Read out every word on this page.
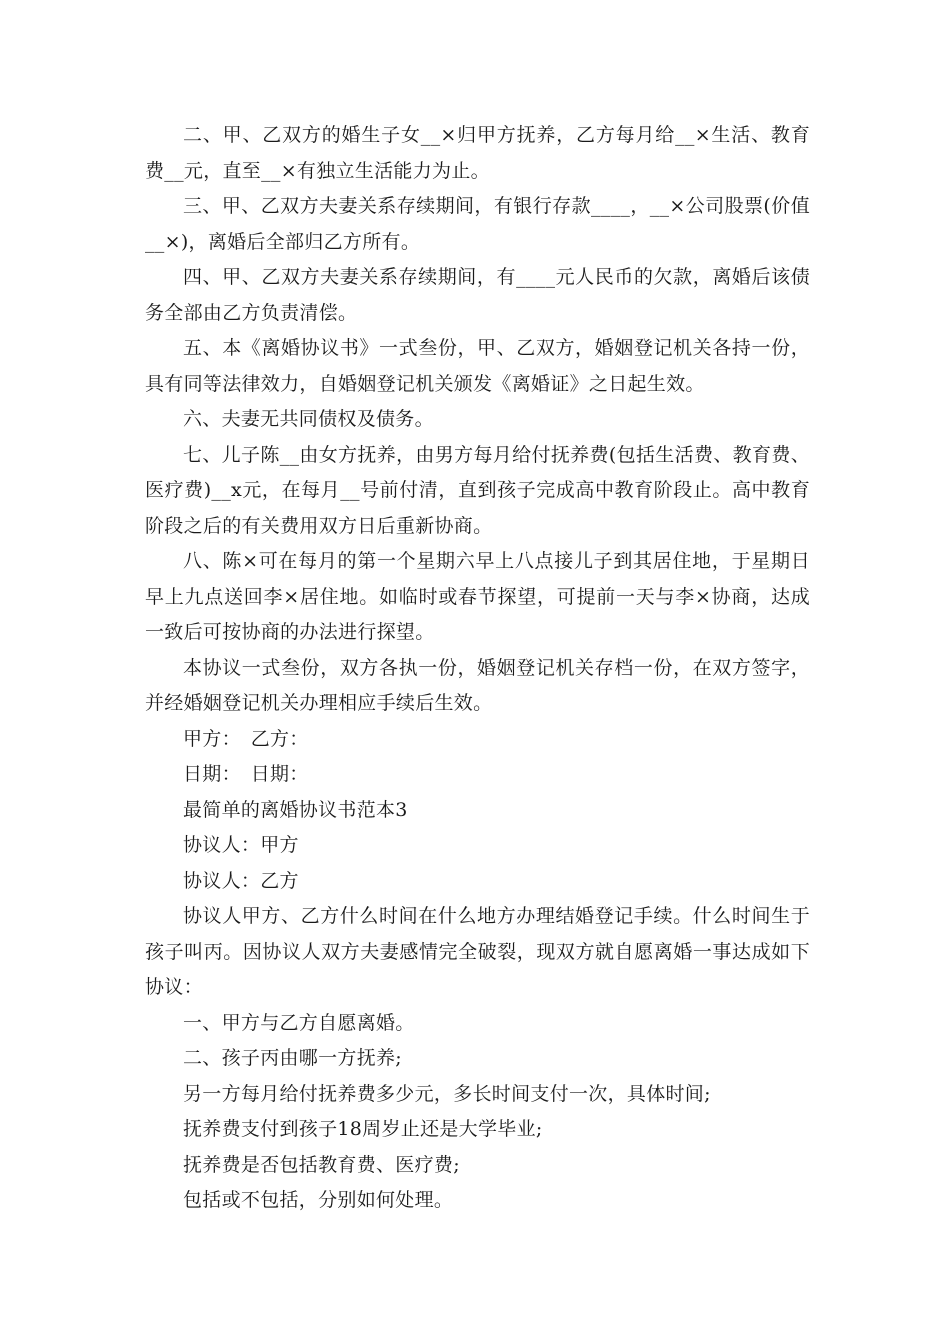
二、甲、乙双方的婚生子女__×归甲方抚养，乙方每月给__×生活、教育费__元，直至__×有独立生活能力为止。

三、甲、乙双方夫妻关系存续期间，有银行存款____，__×公司股票(价值__×)，离婚后全部归乙方所有。

四、甲、乙双方夫妻关系存续期间，有____元人民币的欠款，离婚后该债务全部由乙方负责清偿。

五、本《离婚协议书》一式叁份，甲、乙双方，婚姻登记机关各持一份，具有同等法律效力，自婚姻登记机关颁发《离婚证》之日起生效。

六、夫妻无共同债权及债务。

七、儿子陈__由女方抚养，由男方每月给付抚养费(包括生活费、教育费、医疗费)__x元，在每月__号前付清，直到孩子完成高中教育阶段止。高中教育阶段之后的有关费用双方日后重新协商。

八、陈×可在每月的第一个星期六早上八点接儿子到其居住地，于星期日早上九点送回李×居住地。如临时或春节探望，可提前一天与李×协商，达成一致后可按协商的办法进行探望。

本协议一式叁份，双方各执一份，婚姻登记机关存档一份，在双方签字，并经婚姻登记机关办理相应手续后生效。

甲方：　乙方：

日期：　日期：

最简单的离婚协议书范本3

协议人：甲方

协议人：乙方

协议人甲方、乙方什么时间在什么地方办理结婚登记手续。什么时间生于孩子叫丙。因协议人双方夫妻感情完全破裂，现双方就自愿离婚一事达成如下协议：

一、甲方与乙方自愿离婚。

二、孩子丙由哪一方抚养;

另一方每月给付抚养费多少元，多长时间支付一次，具体时间;

抚养费支付到孩子18周岁止还是大学毕业;

抚养费是否包括教育费、医疗费;

包括或不包括，分别如何处理。
